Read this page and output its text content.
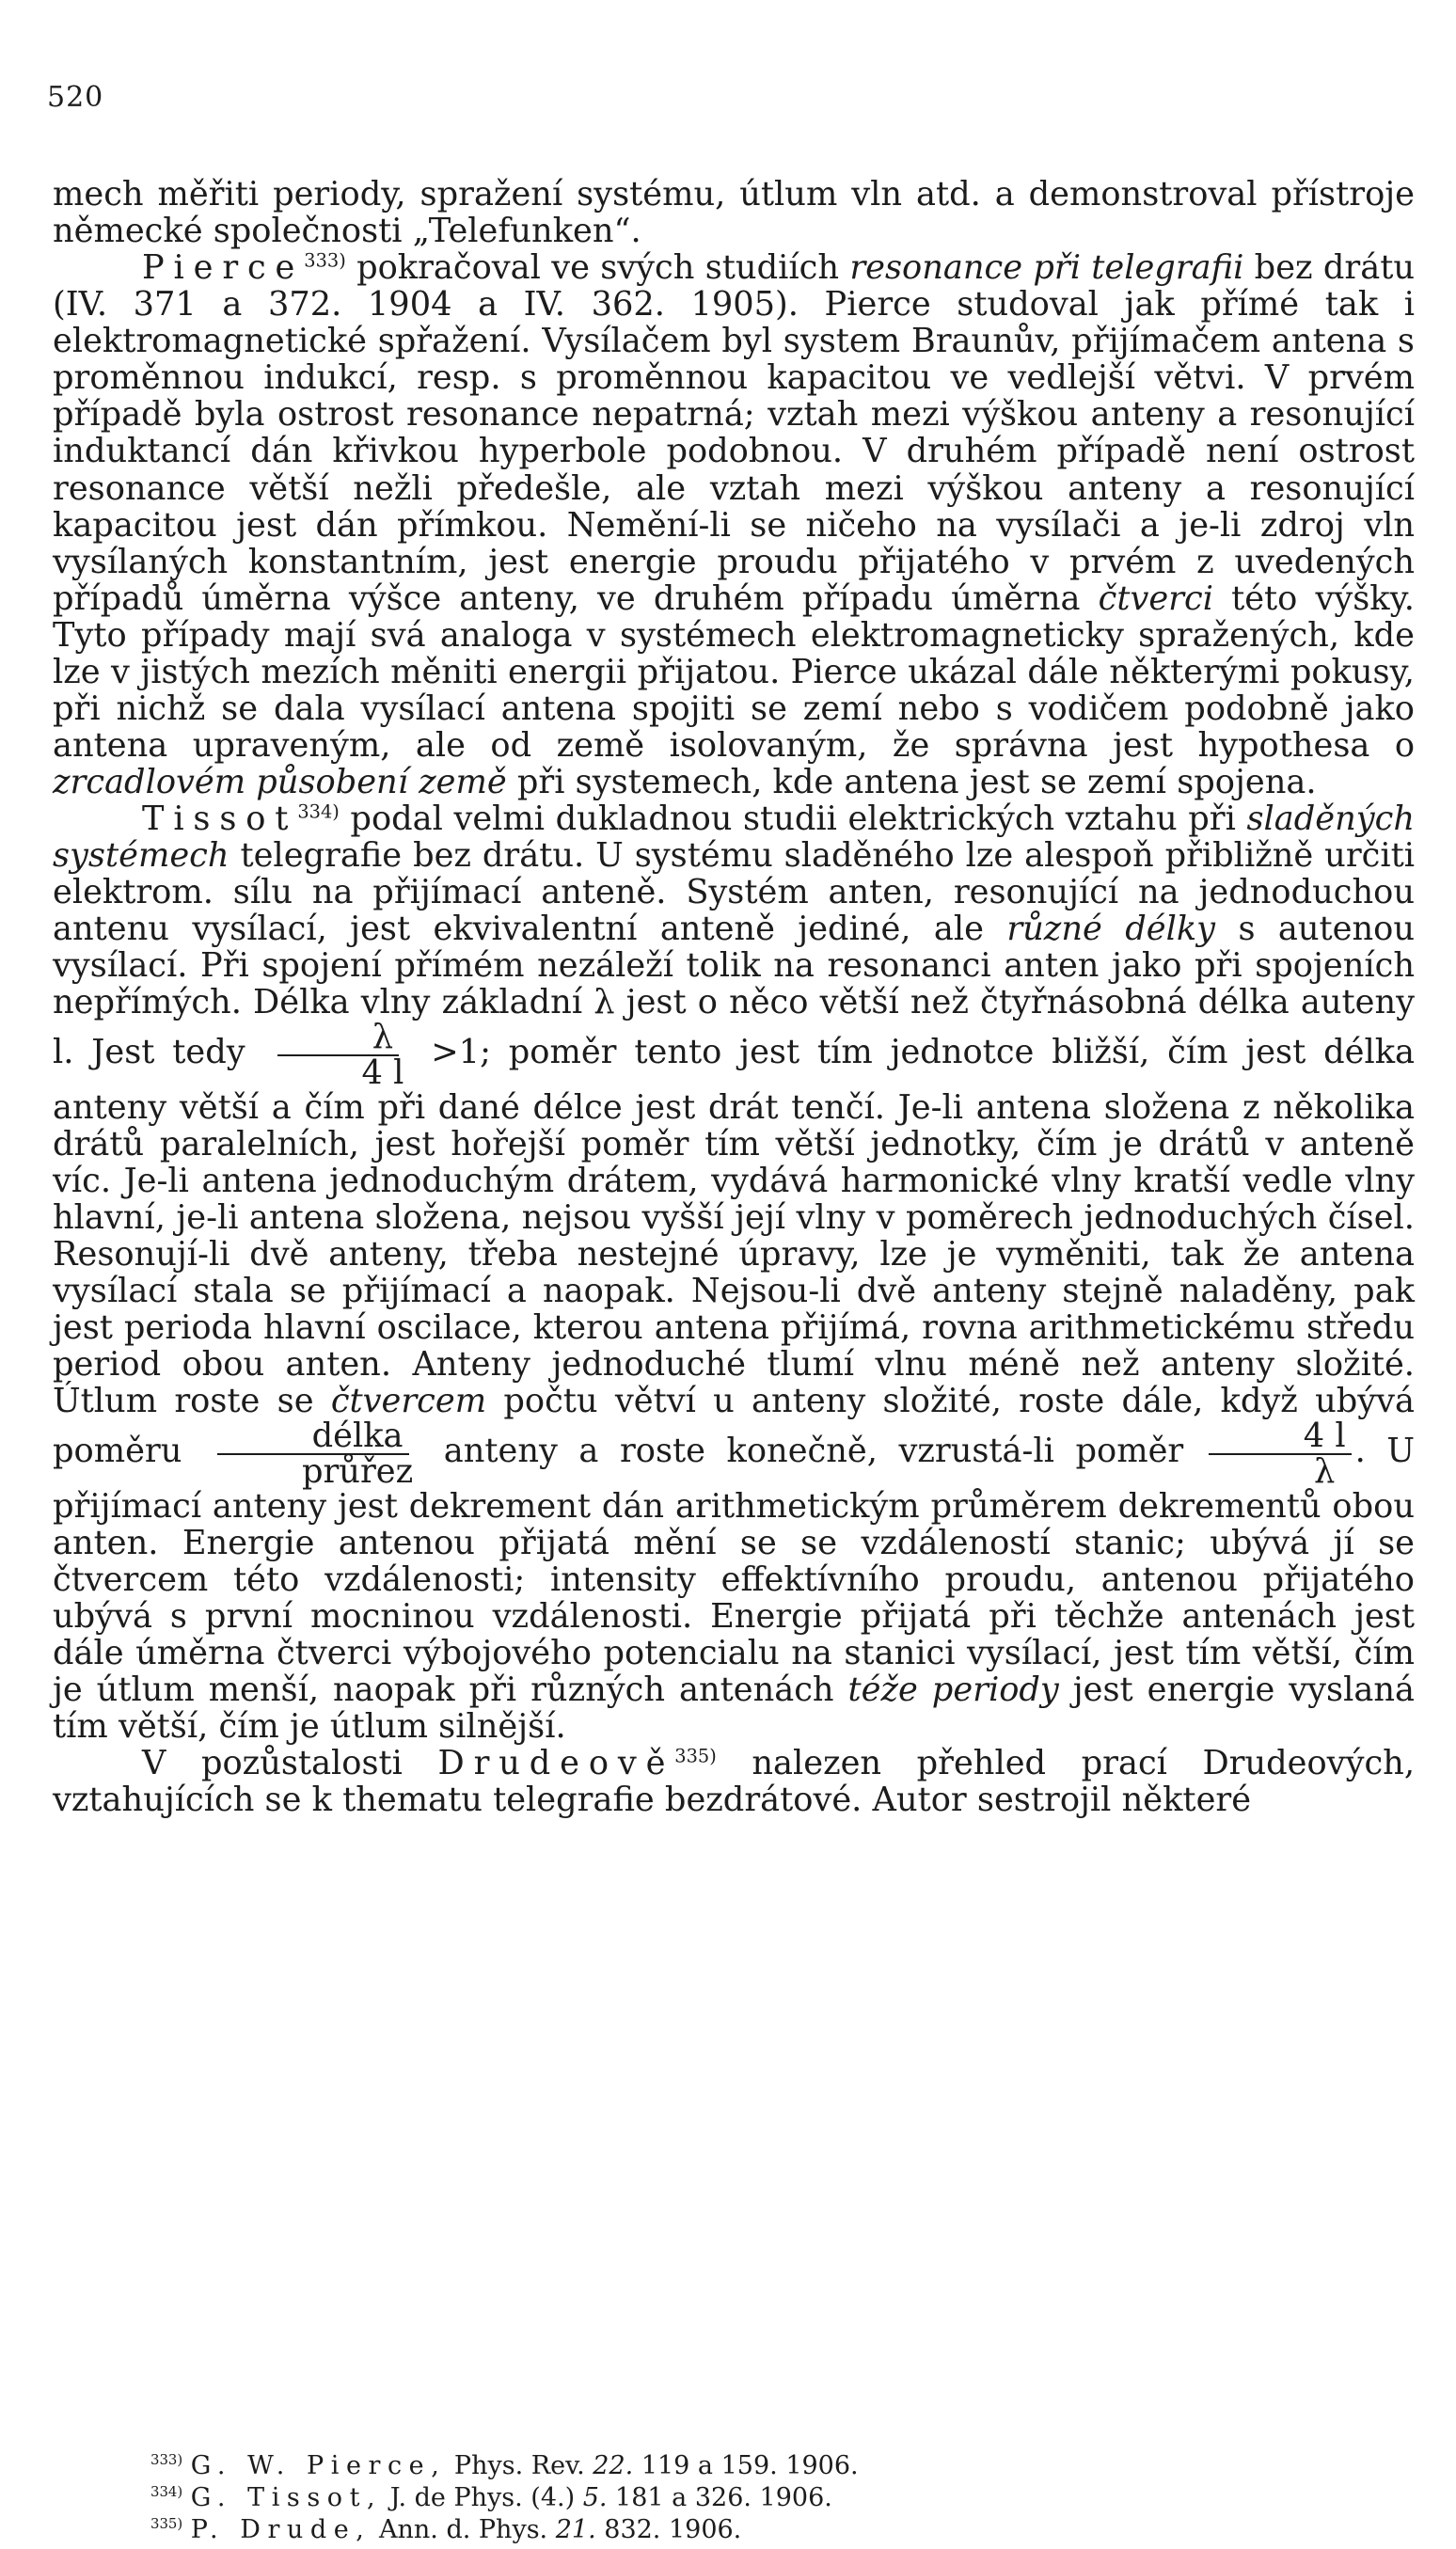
520

mech měřiti periody, spražení systému, útlum vln atd. a demonstroval přístroje německé společnosti „Telefunken“.

Pierce$^{333)}$ pokračoval ve svých studiích resonance při telegrafii bez drátu (IV. 371 a 372. 1904 a IV. 362. 1905). Pierce studoval jak přímé tak i elektromagnetické spřažení. Vysílačem byl system Braunův, přijímačem antena s proměnnou indukcí, resp. s proměnnou kapacitou ve vedlejší větvi. V prvém případě byla ostrost resonance nepatrná; vztah mezi výškou anteny a resonující induktancí dán křivkou hyperbole podobnou. V druhém případě není ostrost resonance větší nežli předešle, ale vztah mezi výškou anteny a resonující kapacitou jest dán přímkou. Nemění-li se ničeho na vysílači a je-li zdroj vln vysílaných konstantním, jest energie proudu přijatého v prvém z uvedených případů úměrna výšce anteny, ve druhém případu úměrna čtverci této výšky. Tyto případy mají svá analoga v systémech elektromagneticky spražených, kde lze v jistých mezích měniti energii přijatou. Pierce ukázal dále některými pokusy, při nichž se dala vysílací antena spojiti se zemí nebo s vodičem podobně jako antena upraveným, ale od země isolovaným, že správna jest hypothesa o zrcadlovém působení země při systemech, kde antena jest se zemí spojena.

Tissot$^{334)}$ podal velmi dukladnou studii elektrických vztahu při sladěných systémech telegrafie bez drátu. U systému sladěného lze alespoň přibližně určiti elektrom. sílu na přijímací anteně. Systém anten, resonující na jednoduchou antenu vysílací, jest ekvivalentní anteně jediné, ale různé délky s autenou vysílací. Při spojení přímém nezáleží tolik na resonanci anten jako při spojeních nepřímých. Délka vlny základní λ jest o něco větší než čtyřnásobná délka auteny l. Jest tedy $\frac{\lambda}{4 l} >1$; poměr tento jest tím jednotce bližší, čím jest délka anteny větší a čím při dané délce jest drát tenčí. Je-li antena složena z několika drátů paralelních, jest hořejší poměr tím větší jednotky, čím je drátů v anteně víc. Je-li antena jednoduchým drátem, vydává harmonické vlny kratší vedle vlny hlavní, je-li antena složena, nejsou vyšší její vlny v poměrech jednoduchých čísel. Resonují-li dvě anteny, třeba nestejné úpravy, lze je vyměniti, tak že antena vysílací stala se přijímací a naopak. Nejsou-li dvě anteny stejně naladěny, pak jest perioda hlavní oscilace, kterou antena přijímá, rovna arithmetickému středu period obou anten. Anteny jednoduché tlumí vlnu méně než anteny složité. Útlum roste se čtvercem počtu větví u anteny složité, roste dále, když ubývá poměru $\frac{\text{délka}}{\text{průřez}}$ anteny a roste konečně, vzrustá-li poměr $\frac{4 l}{\lambda}$ . U přijímací anteny jest dekrement dán arithmetickým průměrem dekrementů obou anten. Energie antenou přijatá mění se se vzdáleností stanic; ubývá jí se čtvercem této vzdálenosti; intensity effektívního proudu, antenou přijatého ubývá s první mocninou vzdálenosti. Energie přijatá při těchže antenách jest dále úměrna čtverci výbojového potencialu na stanici vysílací, jest tím větší, čím je útlum menší, naopak při různých antenách téže periody jest energie vyslaná tím větší, čím je útlum silnější.

V pozůstalosti Drudeově$^{335)}$ nalezen přehled prací Drudeových, vztahujících se k thematu telegrafie bezdrátové. Autor sestrojil některé

$^{333)}$ G. W. Pierce, Phys. Rev. 22. 119 a 159. 1906.

$^{334)}$ G. Tissot, J. de Phys. (4.) 5. 181 a 326. 1906.

$^{335)}$ P. Drude, Ann. d. Phys. 21. 832. 1906.
